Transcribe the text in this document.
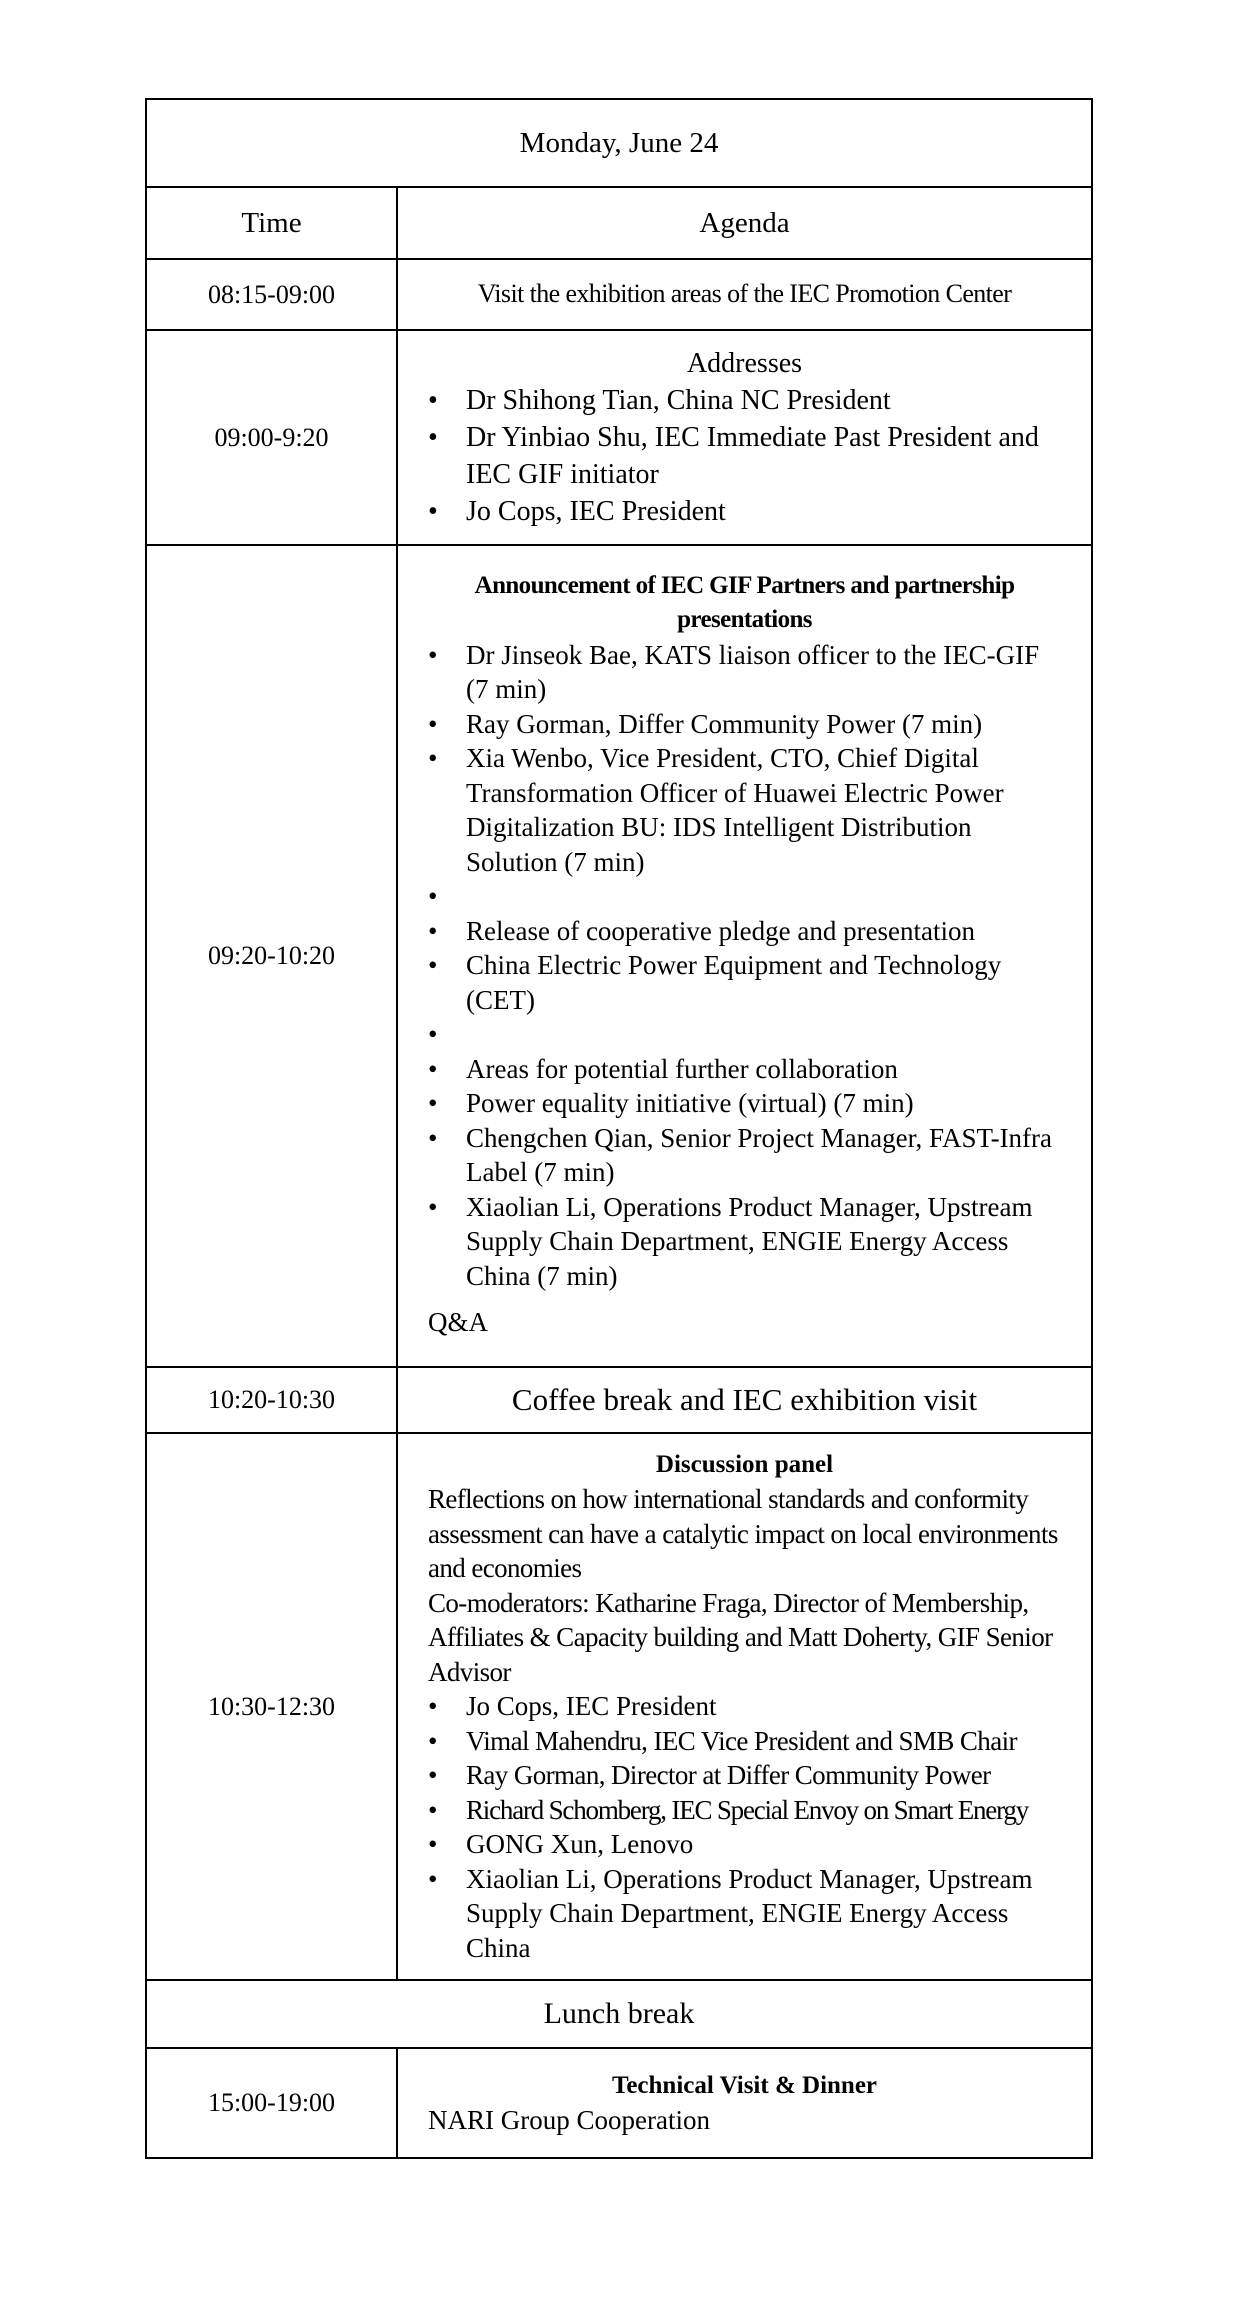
Monday, June 24	
Time	Agenda
08:15-09:00	Visit the exhibition areas of the IEC Promotion Center

09:00-9:20	
Addresses
•	Dr Shihong Tian, China NC President
•	Dr Yinbiao Shu, IEC Immediate Past President and IEC GIF initiator
•	Jo Cops, IEC President

09:20-10:20	
Announcement of IEC GIF Partners and partnership presentations
•	Dr Jinseok Bae, KATS liaison officer to the IEC-GIF (7 min)
•	Ray Gorman, Differ Community Power (7 min)
•	Xia Wenbo, Vice President, CTO, Chief Digital Transformation Officer of Huawei Electric Power Digitalization BU: IDS Intelligent Distribution Solution (7 min)
•
•	Release of cooperative pledge and presentation
•	China Electric Power Equipment and Technology (CET)
•
•	Areas for potential further collaboration
•	Power equality initiative (virtual) (7 min)
•	Chengchen Qian, Senior Project Manager, FAST-Infra Label (7 min)
•	Xiaolian Li, Operations Product Manager, Upstream Supply Chain Department, ENGIE Energy Access China (7 min)
Q&A

10:20-10:30	Coffee break and IEC exhibition visit

10:30-12:30	
Discussion panel
Reflections on how international standards and conformity assessment can have a catalytic impact on local environments and economies
Co-moderators: Katharine Fraga, Director of Membership, Affiliates & Capacity building and Matt Doherty, GIF Senior Advisor
•	Jo Cops, IEC President
•	Vimal Mahendru, IEC Vice President and SMB Chair
•	Ray Gorman, Director at Differ Community Power
•	Richard Schomberg, IEC Special Envoy on Smart Energy
•	GONG Xun, Lenovo
•	Xiaolian Li, Operations Product Manager, Upstream Supply Chain Department, ENGIE Energy Access China

Lunch break	
15:00-19:00	Technical Visit & Dinner
NARI Group Cooperation
